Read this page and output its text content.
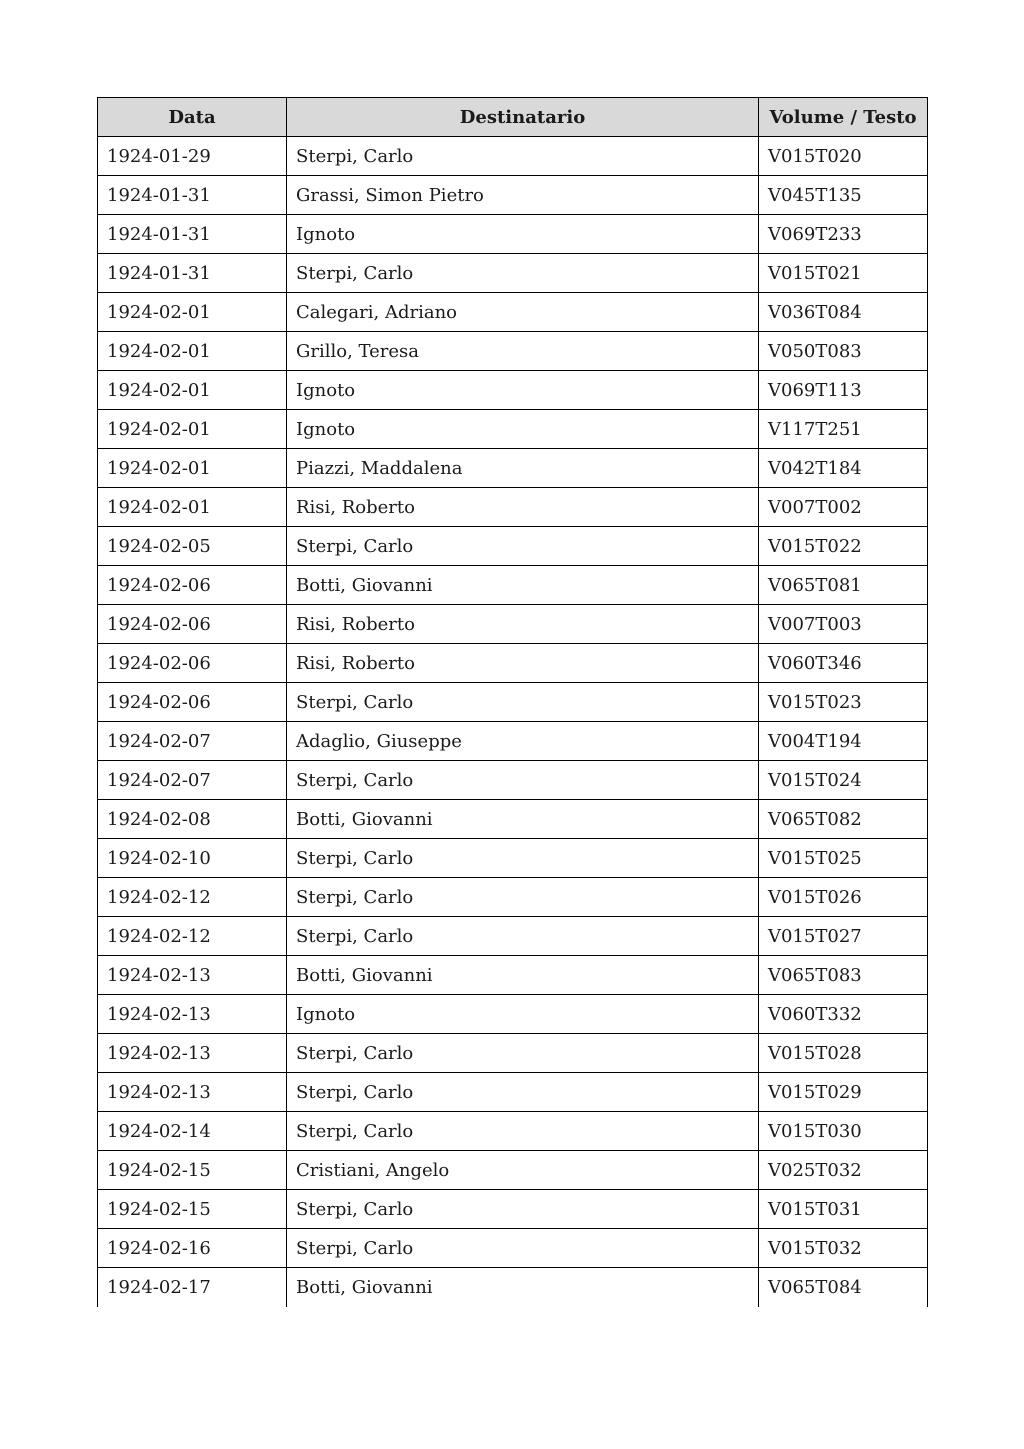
Data	Destinatario	Volume / Testo
1924-01-29	Sterpi, Carlo	V015T020
1924-01-31	Grassi, Simon Pietro	V045T135
1924-01-31	Ignoto	V069T233
1924-01-31	Sterpi, Carlo	V015T021
1924-02-01	Calegari, Adriano	V036T084
1924-02-01	Grillo, Teresa	V050T083
1924-02-01	Ignoto	V069T113
1924-02-01	Ignoto	V117T251
1924-02-01	Piazzi, Maddalena	V042T184
1924-02-01	Risi, Roberto	V007T002
1924-02-05	Sterpi, Carlo	V015T022
1924-02-06	Botti, Giovanni	V065T081
1924-02-06	Risi, Roberto	V007T003
1924-02-06	Risi, Roberto	V060T346
1924-02-06	Sterpi, Carlo	V015T023
1924-02-07	Adaglio, Giuseppe	V004T194
1924-02-07	Sterpi, Carlo	V015T024
1924-02-08	Botti, Giovanni	V065T082
1924-02-10	Sterpi, Carlo	V015T025
1924-02-12	Sterpi, Carlo	V015T026
1924-02-12	Sterpi, Carlo	V015T027
1924-02-13	Botti, Giovanni	V065T083
1924-02-13	Ignoto	V060T332
1924-02-13	Sterpi, Carlo	V015T028
1924-02-13	Sterpi, Carlo	V015T029
1924-02-14	Sterpi, Carlo	V015T030
1924-02-15	Cristiani, Angelo	V025T032
1924-02-15	Sterpi, Carlo	V015T031
1924-02-16	Sterpi, Carlo	V015T032
1924-02-17	Botti, Giovanni	V065T084
